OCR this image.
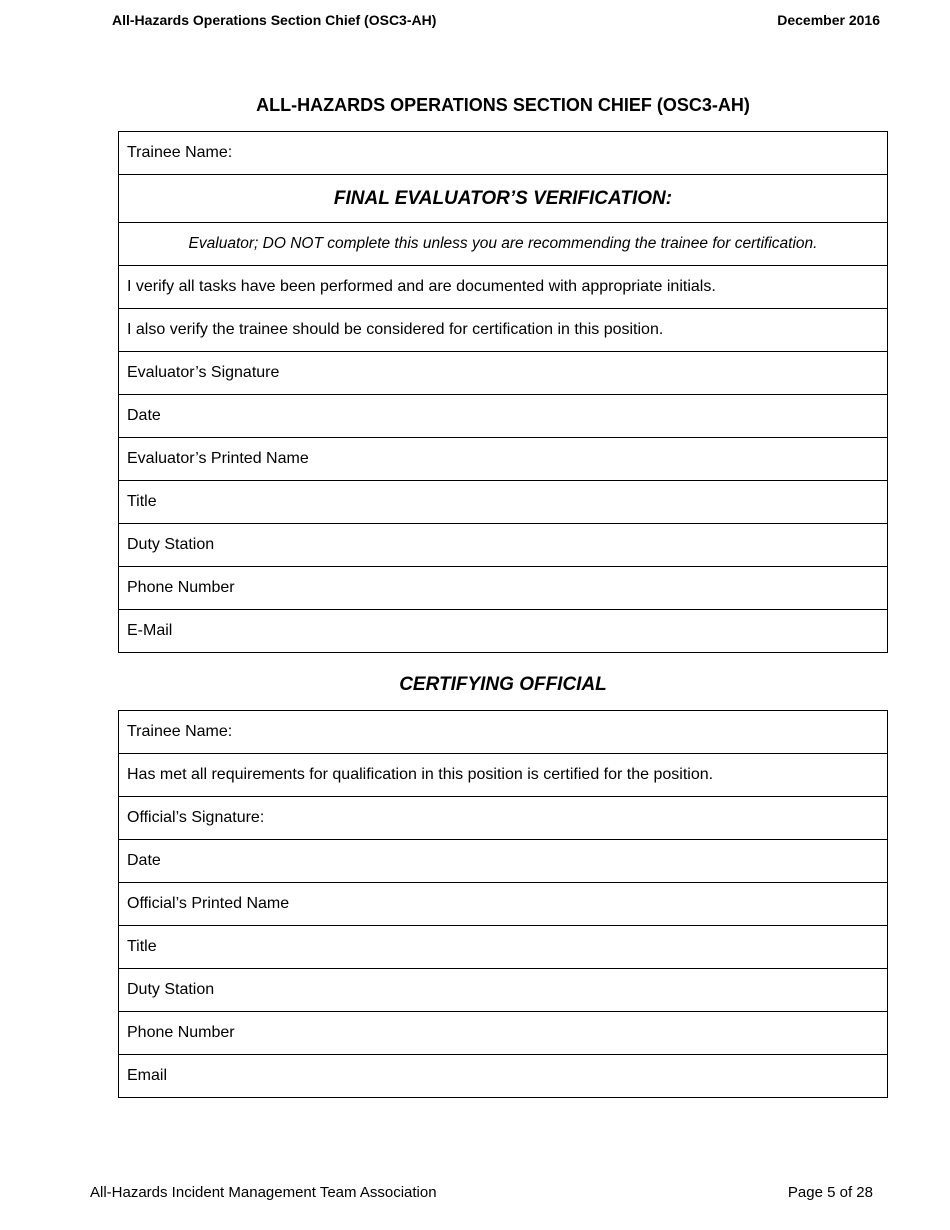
All-Hazards Operations Section Chief (OSC3-AH)	December 2016
ALL-HAZARDS OPERATIONS SECTION CHIEF (OSC3-AH)
Trainee Name:
FINAL EVALUATOR’S VERIFICATION:
Evaluator; DO NOT complete this unless you are recommending the trainee for certification.
I verify all tasks have been performed and are documented with appropriate initials.
I also verify the trainee should be considered for certification in this position.
Evaluator’s Signature
Date
Evaluator’s Printed Name
Title
Duty Station
Phone Number
E-Mail
CERTIFYING OFFICIAL
Trainee Name:
Has met all requirements for qualification in this position is certified for the position.
Official’s Signature:
Date
Official’s Printed Name
Title
Duty Station
Phone Number
Email
All-Hazards Incident Management Team Association	Page 5 of 28
